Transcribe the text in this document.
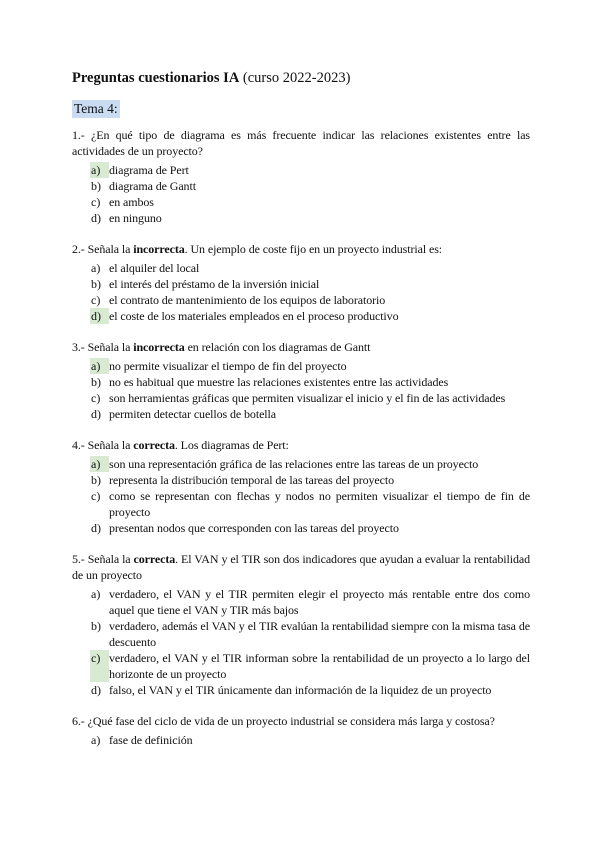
Preguntas cuestionarios IA (curso 2022-2023)

Tema 4:

1.- ¿En qué tipo de diagrama es más frecuente indicar las relaciones existentes entre las actividades de un proyecto?

a) diagrama de Pert
b) diagrama de Gantt
c) en ambos
d) en ninguno

2.- Señala la incorrecta. Un ejemplo de coste fijo en un proyecto industrial es:

a) el alquiler del local
b) el interés del préstamo de la inversión inicial
c) el contrato de mantenimiento de los equipos de laboratorio
d) el coste de los materiales empleados en el proceso productivo

3.- Señala la incorrecta en relación con los diagramas de Gantt

a) no permite visualizar el tiempo de fin del proyecto
b) no es habitual que muestre las relaciones existentes entre las actividades
c) son herramientas gráficas que permiten visualizar el inicio y el fin de las actividades
d) permiten detectar cuellos de botella

4.- Señala la correcta. Los diagramas de Pert:

a) son una representación gráfica de las relaciones entre las tareas de un proyecto
b) representa la distribución temporal de las tareas del proyecto
c) como se representan con flechas y nodos no permiten visualizar el tiempo de fin de proyecto
d) presentan nodos que corresponden con las tareas del proyecto

5.- Señala la correcta. El VAN y el TIR son dos indicadores que ayudan a evaluar la rentabilidad de un proyecto

a) verdadero, el VAN y el TIR permiten elegir el proyecto más rentable entre dos como aquel que tiene el VAN y TIR más bajos
b) verdadero, además el VAN y el TIR evalúan la rentabilidad siempre con la misma tasa de descuento
c) verdadero, el VAN y el TIR informan sobre la rentabilidad de un proyecto a lo largo del horizonte de un proyecto
d) falso, el VAN y el TIR únicamente dan información de la liquidez de un proyecto

6.- ¿Qué fase del ciclo de vida de un proyecto industrial se considera más larga y costosa?

a) fase de definición
